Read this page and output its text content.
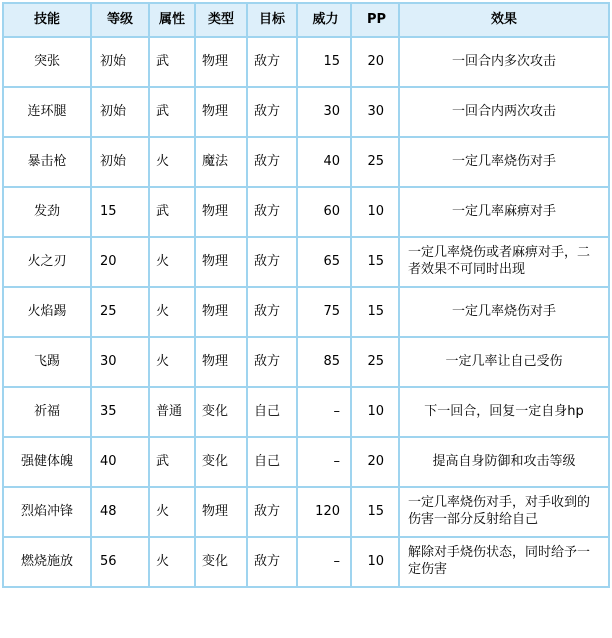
技能	等级	属性	类型	目标	威力	PP	效果
突张	初始	武	物理	敌方	15	20	一回合内多次攻击
连环腿	初始	武	物理	敌方	30	30	一回合内两次攻击
暴击枪	初始	火	魔法	敌方	40	25	一定几率烧伤对手
发劲	15	武	物理	敌方	60	10	一定几率麻痹对手
火之刃	20	火	物理	敌方	65	15	一定几率烧伤或者麻痹对手，二者效果不可同时出现
火焰踢	25	火	物理	敌方	75	15	一定几率烧伤对手
飞踢	30	火	物理	敌方	85	25	一定几率让自己受伤
祈福	35	普通	变化	自己	–	10	下一回合，回复一定自身hp
强健体魄	40	武	变化	自己	–	20	提高自身防御和攻击等级
烈焰冲锋	48	火	物理	敌方	120	15	一定几率烧伤对手，对手收到的伤害一部分反射给自己
燃烧施放	56	火	变化	敌方	–	10	解除对手烧伤状态，同时给予一定伤害
